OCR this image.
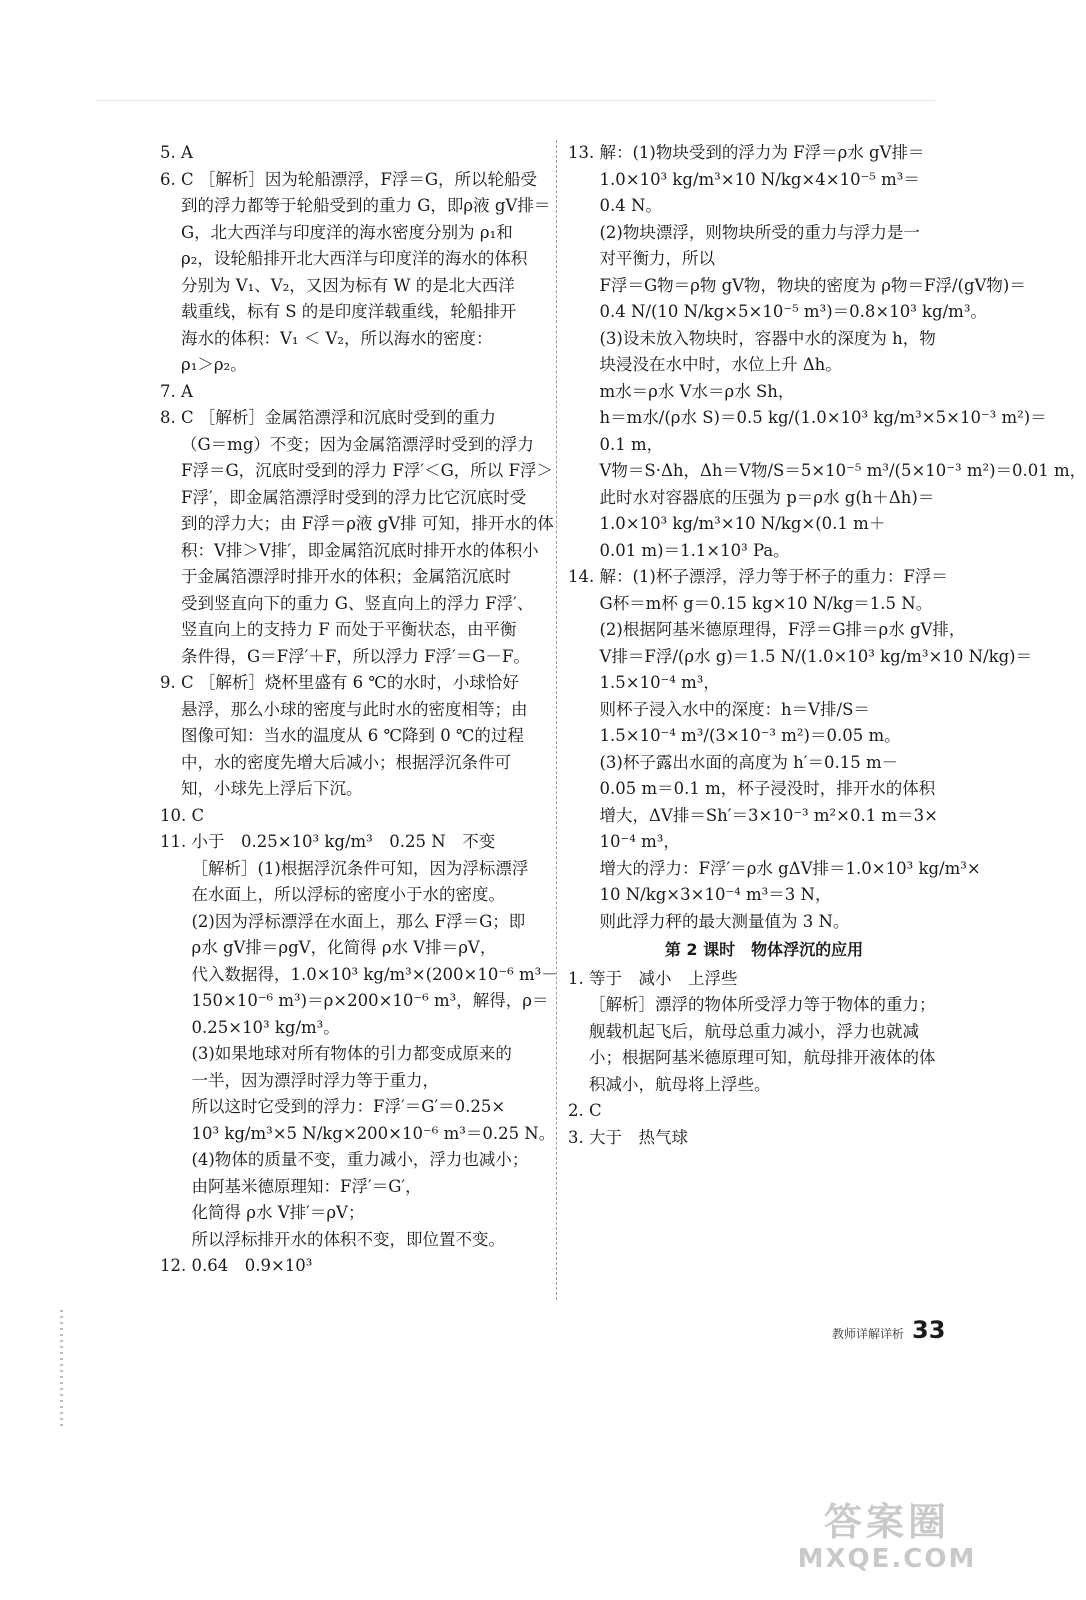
5. A
6. C ［解析］因为轮船漂浮，F浮＝G，所以轮船受
到的浮力都等于轮船受到的重力 G，即ρ液 gV排＝
G，北大西洋与印度洋的海水密度分别为 ρ₁和
ρ₂，设轮船排开北大西洋与印度洋的海水的体积
分别为 V₁、V₂，又因为标有 W 的是北大西洋
载重线，标有 S 的是印度洋载重线，轮船排开
海水的体积：V₁ ＜ V₂，所以海水的密度：
ρ₁＞ρ₂。
7. A
8. C ［解析］金属箔漂浮和沉底时受到的重力
（G＝mg）不变；因为金属箔漂浮时受到的浮力
F浮＝G，沉底时受到的浮力 F浮′＜G，所以 F浮＞
F浮′，即金属箔漂浮时受到的浮力比它沉底时受
到的浮力大；由 F浮＝ρ液 gV排 可知，排开水的体
积：V排＞V排′，即金属箔沉底时排开水的体积小
于金属箔漂浮时排开水的体积；金属箔沉底时
受到竖直向下的重力 G、竖直向上的浮力 F浮′、
竖直向上的支持力 F 而处于平衡状态，由平衡
条件得，G＝F浮′＋F，所以浮力 F浮′＝G－F。
9. C ［解析］烧杯里盛有 6 ℃的水时，小球恰好
悬浮，那么小球的密度与此时水的密度相等；由
图像可知：当水的温度从 6 ℃降到 0 ℃的过程
中，水的密度先增大后减小；根据浮沉条件可
知，小球先上浮后下沉。
10. C
11. 小于　0.25×10³ kg/m³　0.25 N　不变
［解析］(1)根据浮沉条件可知，因为浮标漂浮
在水面上，所以浮标的密度小于水的密度。
(2)因为浮标漂浮在水面上，那么 F浮＝G；即
ρ水 gV排＝ρgV，化简得 ρ水 V排＝ρV，
代入数据得，1.0×10³ kg/m³×(200×10⁻⁶ m³－
150×10⁻⁶ m³)＝ρ×200×10⁻⁶ m³，解得，ρ＝
0.25×10³ kg/m³。
(3)如果地球对所有物体的引力都变成原来的
一半，因为漂浮时浮力等于重力，
所以这时它受到的浮力：F浮′＝G′＝0.25×
10³ kg/m³×5 N/kg×200×10⁻⁶ m³＝0.25 N。
(4)物体的质量不变，重力减小，浮力也减小；
由阿基米德原理知：F浮′＝G′，
化简得 ρ水 V排′＝ρV；
所以浮标排开水的体积不变，即位置不变。
12. 0.64　0.9×10³
13. 解：(1)物块受到的浮力为 F浮＝ρ水 gV排＝
1.0×10³ kg/m³×10 N/kg×4×10⁻⁵ m³＝
0.4 N。
(2)物块漂浮，则物块所受的重力与浮力是一
对平衡力，所以
F浮＝G物＝ρ物 gV物，物块的密度为 ρ物＝F浮/(gV物)＝
0.4 N/(10 N/kg×5×10⁻⁵ m³)＝0.8×10³ kg/m³。
(3)设未放入物块时，容器中水的深度为 h，物
块浸没在水中时，水位上升 Δh。
m水＝ρ水 V水＝ρ水 Sh，
h＝m水/(ρ水 S)＝0.5 kg/(1.0×10³ kg/m³×5×10⁻³ m²)＝
0.1 m，
V物＝S·Δh，Δh＝V物/S＝5×10⁻⁵ m³/(5×10⁻³ m²)＝0.01 m，
此时水对容器底的压强为 p＝ρ水 g(h＋Δh)＝
1.0×10³ kg/m³×10 N/kg×(0.1 m＋
0.01 m)＝1.1×10³ Pa。
14. 解：(1)杯子漂浮，浮力等于杯子的重力：F浮＝
G杯＝m杯 g＝0.15 kg×10 N/kg＝1.5 N。
(2)根据阿基米德原理得，F浮＝G排＝ρ水 gV排，
V排＝F浮/(ρ水 g)＝1.5 N/(1.0×10³ kg/m³×10 N/kg)＝
1.5×10⁻⁴ m³，
则杯子浸入水中的深度：h＝V排/S＝
1.5×10⁻⁴ m³/(3×10⁻³ m²)＝0.05 m。
(3)杯子露出水面的高度为 h′＝0.15 m－
0.05 m＝0.1 m，杯子浸没时，排开水的体积
增大，ΔV排＝Sh′＝3×10⁻³ m²×0.1 m＝3×
10⁻⁴ m³，
增大的浮力：F浮′＝ρ水 gΔV排＝1.0×10³ kg/m³×
10 N/kg×3×10⁻⁴ m³＝3 N，
则此浮力秤的最大测量值为 3 N。
第 2 课时　物体浮沉的应用
1. 等于　减小　上浮些
［解析］漂浮的物体所受浮力等于物体的重力；
舰载机起飞后，航母总重力减小，浮力也就减
小；根据阿基米德原理可知，航母排开液体的体
积减小，航母将上浮些。
2. C
3. 大于　热气球
教师详解详析 33
答案圈
MXQE.COM
